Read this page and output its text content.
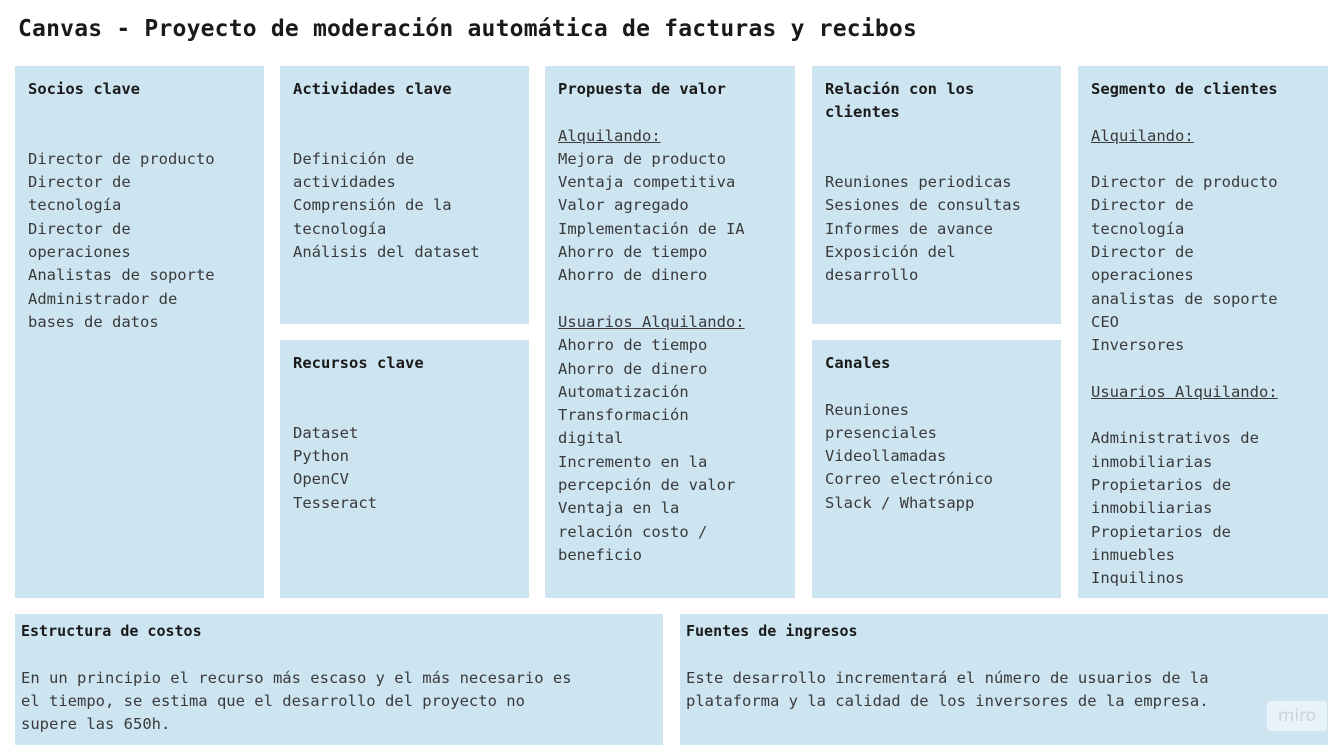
Canvas - Proyecto de moderación automática de facturas y recibos
Socios clave
Director de producto
Director de
tecnología
Director de
operaciones
Analistas de soporte
Administrador de
bases de datos
Actividades clave
Definición de
actividades
Comprensión de la
tecnología
Análisis del dataset
Recursos clave
Dataset
Python
OpenCV
Tesseract
Propuesta de valor
Alquilando:
Mejora de producto
Ventaja competitiva
Valor agregado
Implementación de IA
Ahorro de tiempo
Ahorro de dinero
Usuarios Alquilando:
Ahorro de tiempo
Ahorro de dinero
Automatización
Transformación
digital
Incremento en la
percepción de valor
Ventaja en la
relación costo /
beneficio
Relación con los
clientes
Reuniones periodicas
Sesiones de consultas
Informes de avance
Exposición del
desarrollo
Canales
Reuniones
presenciales
Videollamadas
Correo electrónico
Slack / Whatsapp
Segmento de clientes
Alquilando:
Director de producto
Director de
tecnología
Director de
operaciones
analistas de soporte
CEO
Inversores
Usuarios Alquilando:
Administrativos de
inmobiliarias
Propietarios de
inmobiliarias
Propietarios de
inmuebles
Inquilinos
Estructura de costos
En un principio el recurso más escaso y el más necesario es
el tiempo, se estima que el desarrollo del proyecto no
supere las 650h.
Fuentes de ingresos
Este desarrollo incrementará el número de usuarios de la
plataforma y la calidad de los inversores de la empresa.
miro
